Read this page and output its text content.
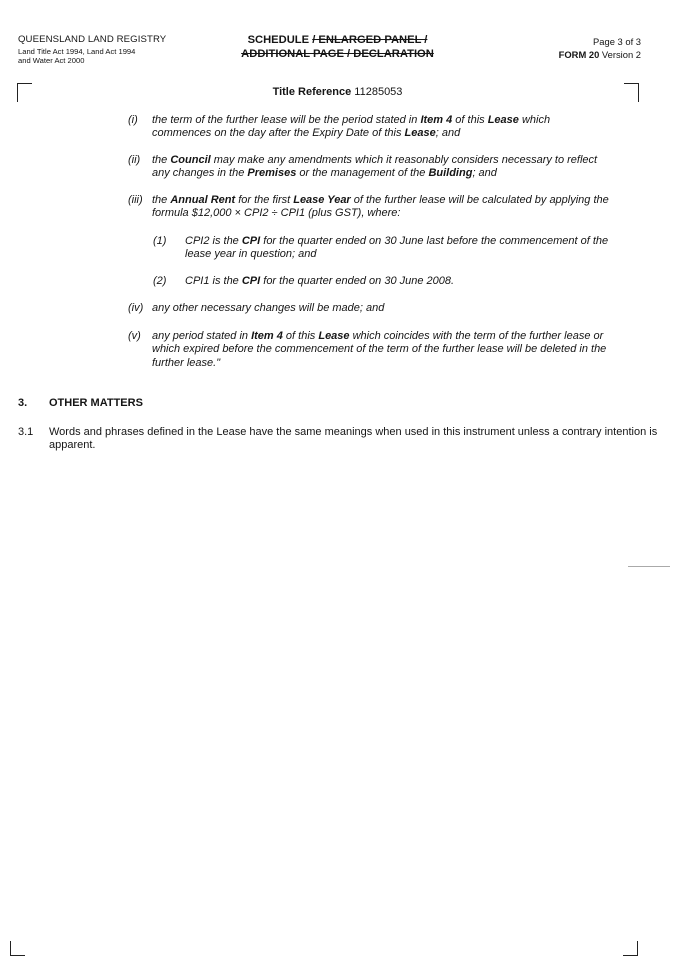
QUEENSLAND LAND REGISTRY
Land Title Act 1994, Land Act 1994
and Water Act 2000
SCHEDULE / ENLARGED PANEL /
ADDITIONAL PAGE / DECLARATION
Page 3 of 3
FORM 20 Version 2
Title Reference 11285053
(i) the term of the further lease will be the period stated in Item 4 of this Lease which
commences on the day after the Expiry Date of this Lease; and
(ii) the Council may make any amendments which it reasonably considers necessary to reflect
any changes in the Premises or the management of the Building; and
(iii) the Annual Rent for the first Lease Year of the further lease will be calculated by applying the
formula $12,000 × CPI2 ÷ CPI1 (plus GST), where:
(1) CPI2 is the CPI for the quarter ended on 30 June last before the commencement of the
lease year in question; and
(2) CPI1 is the CPI for the quarter ended on 30 June 2008.
(iv) any other necessary changes will be made; and
(v) any period stated in Item 4 of this Lease which coincides with the term of the further lease or
which expired before the commencement of the term of the further lease will be deleted in the
further lease."
3. OTHER MATTERS
3.1 Words and phrases defined in the Lease have the same meanings when used in this instrument unless a contrary intention is apparent.
